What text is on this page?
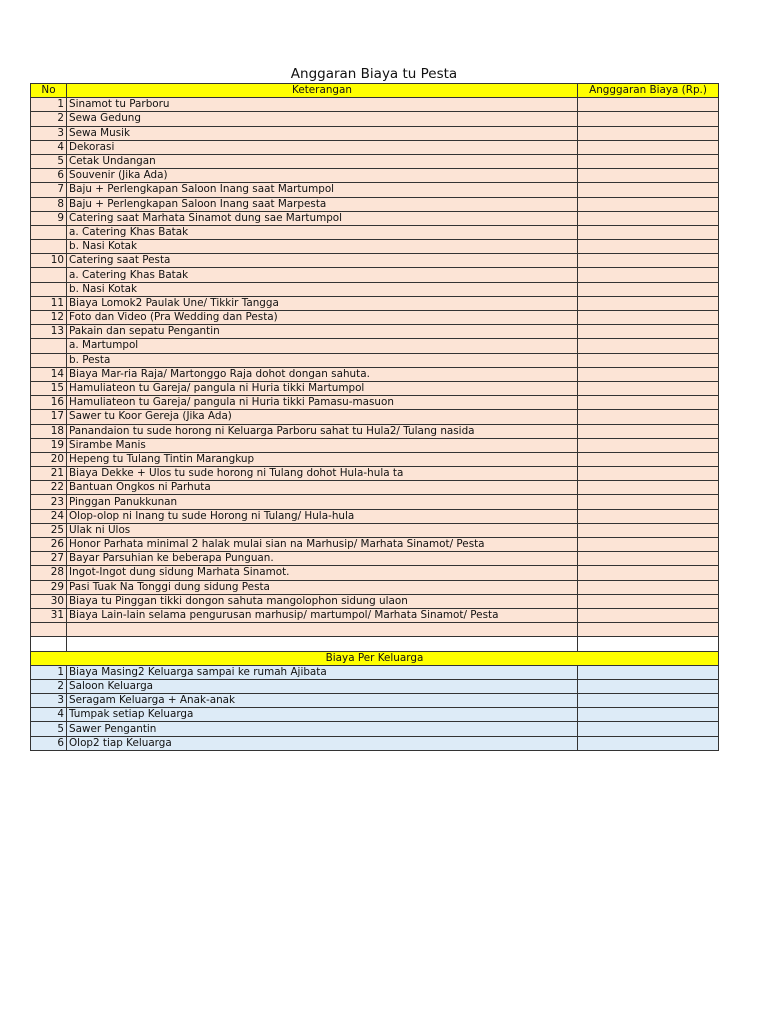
Anggaran Biaya tu Pesta
No	Keterangan	Angggaran Biaya (Rp.)
1	Sinamot tu Parboru	
2	Sewa Gedung	
3	Sewa Musik	
4	Dekorasi	
5	Cetak Undangan	
6	Souvenir (Jika Ada)	
7	Baju + Perlengkapan Saloon Inang saat Martumpol	
8	Baju + Perlengkapan Saloon Inang saat Marpesta	
9	Catering saat Marhata Sinamot dung sae Martumpol	
	a. Catering Khas Batak	
	b. Nasi Kotak	
10	Catering saat Pesta	
	a. Catering Khas Batak	
	b. Nasi Kotak	
11	Biaya Lomok2 Paulak Une/ Tikkir Tangga	
12	Foto dan Video (Pra Wedding dan Pesta)	
13	Pakain dan sepatu Pengantin	
	a. Martumpol	
	b. Pesta	
14	Biaya Mar-ria Raja/ Martonggo Raja dohot dongan sahuta.	
15	Hamuliateon tu Gareja/ pangula ni Huria tikki Martumpol	
16	Hamuliateon tu Gareja/ pangula ni Huria tikki Pamasu-masuon	
17	Sawer tu Koor Gereja (Jika Ada)	
18	Panandaion tu sude horong ni Keluarga Parboru sahat tu Hula2/ Tulang nasida	
19	Sirambe Manis	
20	Hepeng tu Tulang Tintin Marangkup	
21	Biaya Dekke + Ulos tu sude horong ni Tulang dohot Hula-hula ta	
22	Bantuan Ongkos ni Parhuta	
23	Pinggan Panukkunan	
24	Olop-olop ni Inang tu sude Horong ni Tulang/ Hula-hula	
25	Ulak ni Ulos	
26	Honor Parhata minimal 2 halak mulai sian na Marhusip/ Marhata Sinamot/ Pesta	
27	Bayar Parsuhian ke beberapa Punguan.	
28	Ingot-Ingot dung sidung Marhata Sinamot.	
29	Pasi Tuak Na Tonggi dung sidung Pesta	
30	Biaya tu Pinggan tikki dongon sahuta mangolophon sidung ulaon	
31	Biaya Lain-lain selama pengurusan marhusip/ martumpol/ Marhata Sinamot/ Pesta	

Biaya Per Keluarga		
1	Biaya Masing2 Keluarga sampai ke rumah Ajibata	
2	Saloon Keluarga	
3	Seragam Keluarga + Anak-anak	
4	Tumpak setiap Keluarga	
5	Sawer Pengantin	
6	Olop2 tiap Keluarga	
